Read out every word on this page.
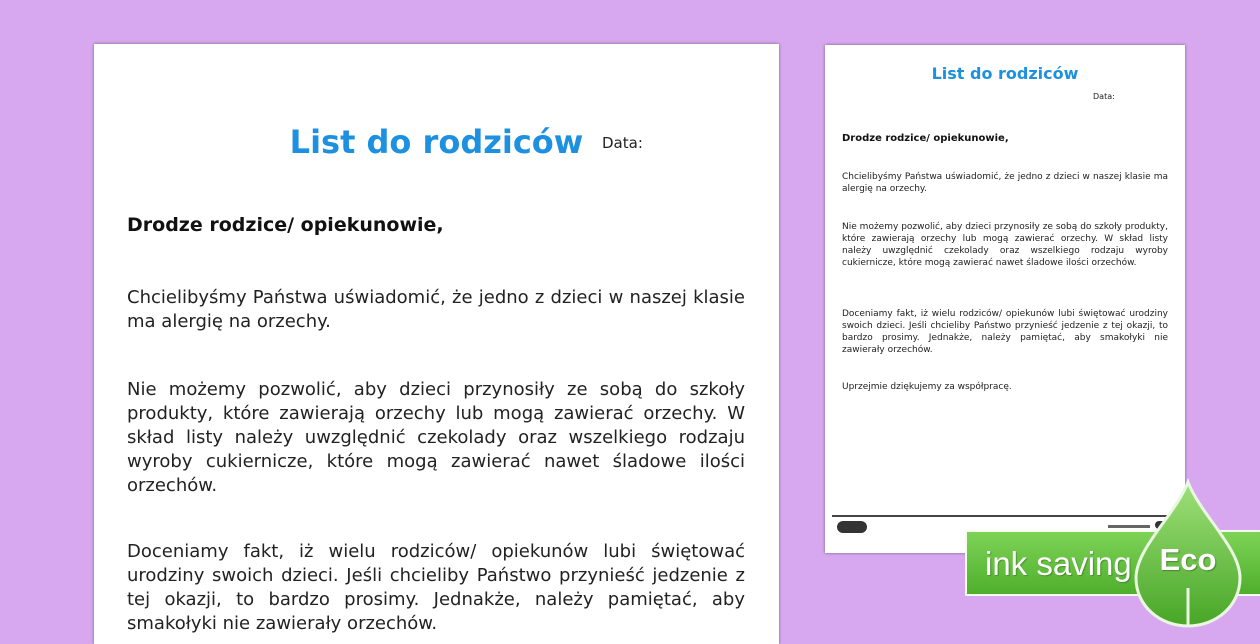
List do rodziców	Data:
Drodze rodzice/ opiekunowie,

Chcielibyśmy Państwa uświadomić, że jedno z dzieci w naszej klasie ma alergię na orzechy.

Nie możemy pozwolić, aby dzieci przynosiły ze sobą do szkoły produkty, które zawierają orzechy lub mogą zawierać orzechy. W skład listy należy uwzględnić czekolady oraz wszelkiego rodzaju wyroby cukiernicze, które mogą zawierać nawet śladowe ilości orzechów.

Doceniamy fakt, iż wielu rodziców/ opiekunów lubi świętować urodziny swoich dzieci. Jeśli chcieliby Państwo przynieść jedzenie z tej okazji, to bardzo prosimy. Jednakże, należy pamiętać, aby smakołyki nie zawierały orzechów.

List do rodziców
Data:
Drodze rodzice/ opiekunowie,

Chcielibyśmy Państwa uświadomić, że jedno z dzieci w naszej klasie ma alergię na orzechy.

Nie możemy pozwolić, aby dzieci przynosiły ze sobą do szkoły produkty, które zawierają orzechy lub mogą zawierać orzechy. W skład listy należy uwzględnić czekolady oraz wszelkiego rodzaju wyroby cukiernicze, które mogą zawierać nawet śladowe ilości orzechów.

Doceniamy fakt, iż wielu rodziców/ opiekunów lubi świętować urodziny swoich dzieci. Jeśli chcieliby Państwo przynieść jedzenie z tej okazji, to bardzo prosimy. Jednakże, należy pamiętać, aby smakołyki nie zawierały orzechów.

Uprzejmie dziękujemy za współpracę.

ink saving Eco
